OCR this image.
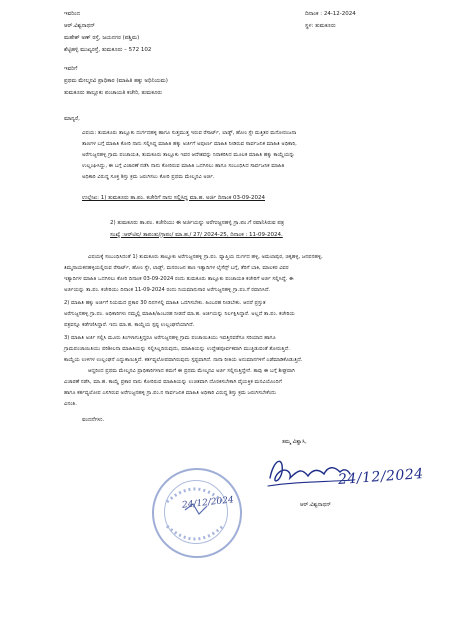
ಇವರಿಂದ
ಆರ್.ವಿಶ್ವನಾಥನ್
ಮಹೇಶ್ ಅಣ್ ರಸ್ತೆ, ಜಯನಗರ (ಪಶ್ಚಿಮ)
ಶೆಟ್ಟಿಹಳ್ಳಿ ಮುಖ್ಯರಸ್ತೆ, ತುಮಕೂರು – 572 102
ದಿನಾಂಕ : 24-12-2024
ಸ್ಥಳ: ತುಮಕೂರು
ಇವರಿಗೆ
ಪ್ರಥಮ ಮೇಲ್ಮನವಿ ಪ್ರಾಧಿಕಾರ (ಮಾಹಿತಿ ಹಕ್ಕು ಅಧಿನಿಯಮ)
ತುಮಕೂರು ತಾಲ್ಲೂಕು ಪಂಚಾಯತಿ ಕಚೇರಿ, ತುಮಕೂರು
ಮಾನ್ಯರೆ,

ವಿಷಯ: ತುಮಕೂರು ತಾಲ್ಲೂಕು ದುರ್ಗದಹಳ್ಳಿ ಹಾಗೂ ಸುತ್ತಮುತ್ತ ಇರುವ ರೆಸಾರ್ಟ್, ಲಾಡ್ಜ್, ಹೋಂ ಸ್ಟೇ ಮತ್ತಿತರ ಮನೋರಂಜನಾ

ತಾಣಗಳ ಬಗ್ಗೆ ಮಾಹಿತಿ ಕೋರಿ ನಾನು ಸಲ್ಲಿಸಿದ್ದ ಮಾಹಿತಿ ಹಕ್ಕು ಅರ್ಜಿಗೆ ಅಪೂರ್ಣ ಮಾಹಿತಿ ನೀಡಿರುವ ಸಾರ್ವಜನಿಕ ಮಾಹಿತಿ ಅಧಿಕಾರಿ,

ಅರೆಗುಜ್ಜನಹಳ್ಳಿ ಗ್ರಾಮ ಪಂಚಾಯತಿ, ತುಮಕೂರು ತಾಲ್ಲೂಕು ಇವರ ಆದೇಶವನ್ನು ನಿರಾಕರಿಸಿದ ಮೂಲಕ ಮಾಹಿತಿ ಹಕ್ಕು ಕಾಯ್ದೆಯನ್ನು

ಉಲ್ಲಂಘಿಸಿದ್ದು, ಈ ಬಗ್ಗೆ ವಿಚಾರಣೆ ನಡೆಸಿ ನಾನು ಕೋರಿರುವ ಮಾಹಿತಿ ಒದಗಿಸಲು ಹಾಗೂ ಸಂಬಂಧಿಸಿದ ಸಾರ್ವಜನಿಕ ಮಾಹಿತಿ

ಅಧಿಕಾರಿ ವಿರುದ್ಧ ಸೂಕ್ತ ಶಿಸ್ತು ಕ್ರಮ ಜರುಗಿಸಲು ಕೋರಿ ಪ್ರಥಮ ಮೇಲ್ಮನವಿ ಅರ್ಜಿ.

ಉಲ್ಲೇಖ: 1) ತುಮಕೂರು ತಾ.ಪಂ. ಕಚೇರಿಗೆ ನಾನು ಸಲ್ಲಿಸಿದ್ದ ಮಾ.ಹ. ಅರ್ಜಿ ದಿನಾಂಕ 03-09-2024
2) ತುಮಕೂರು ತಾ.ಪಂ. ಕಚೇರಿಯು ಈ ಅರ್ಜಿಯನ್ನು ಅರೆಗುಜ್ಜನಹಳ್ಳಿ ಗ್ರಾ.ಪಂ.ಗೆ ರವಾನಿಸಿರುವ ಪತ್ರ
ಸಂಖ್ಯೆ :ಆರ್‌ಟಿಐ/ ತಾಪಂತು/ಗ್ರಾಪಂ/ ಮಾ.ಹ./ 27/ 2024-25, ದಿನಾಂಕ : 11-09-2024.

ವಿಷಯಕ್ಕೆ ಸಂಬಂಧಿಸಿದಂತೆ 1) ತುಮಕೂರು ತಾಲ್ಲೂಕು ಅರೆಗುಜ್ಜನಹಳ್ಳಿ ಗ್ರಾ.ಪಂ. ವ್ಯಾಪ್ತಿಯ ದುರ್ಗದ ಹಳ್ಳಿ, ಅಮಲಾಪುರ, ಚಿಕ್ಕಹಳ್ಳಿ, ಜನಪನಹಳ್ಳಿ,

ತಿಮ್ಮನಾಯಕನಹಳ್ಳಿಯಲ್ಲಿರುವ ರೆಸಾರ್ಟ್, ಹೋಂ ಸ್ಟೇ, ಲಾಡ್ಜ್, ಮನರಂಜನ ತಾಣ ಇತ್ಯಾದಿಗಳ ಲೈಸೆನ್ಸ್ ಬಗ್ಗೆ, ತೆರಿಗೆ ಬಾಕಿ, ಮಾಲಕರ ವಿವರ

ಇತ್ಯಾದಿಗಳ ಮಾಹಿತಿ ಒದಗಿಸಲು ಕೋರಿ ದಿನಾಂಕ 03-09-2024 ರಂದು ತುಮಕೂರು ತಾಲ್ಲೂಕು ಪಂಚಾಯತಿ ಕಚೇರಿಗೆ ಅರ್ಜಿ ಸಲ್ಲಿಸಿದ್ದೆ. ಈ

ಅರ್ಜಿಯನ್ನು ತಾ.ಪಂ. ಕಚೇರಿಯು ದಿನಾಂಕ 11-09-2024 ರಂದು ನಿಯಮಾನುಸಾರ ಅರೆಗುಜ್ಜನಹಳ್ಳಿ ಗ್ರಾ.ಪಂ.ಗೆ ರವಾನಿಸಿದೆ.

2) ಮಾಹಿತಿ ಹಕ್ಕು ಅರ್ಜಿಗೆ ನಿಯಮದ ಪ್ರಕಾರ 30 ದಿನಗಳಲ್ಲಿ ಮಾಹಿತಿ ಒದಗಿಸಬೇಕು. ಹಿಂಬರಹ ನೀಡಬೇಕು. ಆದರೆ ಪ್ರಸ್ತುತ

ಅರೆಗುಜ್ಜನಹಳ್ಳಿ ಗ್ರಾ.ಪಂ. ಅಧಿಕಾರಿಗಳು ನಮ್ಮಲ್ಲಿ ಮಾಹಿತಿ/ಹಿಂಬರಹ ನೀಡದೆ ಮಾ.ಹ. ಅರ್ಜಿಯನ್ನು ನಿರ್ಲಕ್ಷಿಸಿದ್ದಾರೆ. ಅಲ್ಲದೆ ತಾ.ಪಂ. ಕಚೇರಿಯ

ಪತ್ರವನ್ನೂ ಕಡೆಗಣಿಸಿದ್ದಾರೆ. ಇದು ಮಾ.ಹ. ಕಾಯ್ದೆಯ ಸ್ಪಷ್ಟ ಉಲ್ಲಂಘನೆಯಾಗಿದೆ.

3) ಮಾಹಿತಿ ಅರ್ಜಿ ಸಲ್ಲಿಸಿ ಮೂರು ತಿಂಗಳಾಗುತ್ತಿದ್ದರೂ ಅರೆಗುಜ್ಜನಹಳ್ಳಿ ಗ್ರಾಮ ಪಂಚಾಯಿತಿಯು ಇವತ್ತಿನವರೆಗೂ ಸರಿಯಾದ ಹಾಗೂ

ಗ್ರಾಮಪಂಚಾಯಿತಿಯು ಪರಿಶೀಲನಾ ಮಾಹಿತಿಯನ್ನು ಸಲ್ಲಿಸಿಲ್ಲದಿರುವುದು, ಮಾಹಿತಿಯನ್ನು ಉದ್ದೇಶಪೂರ್ವಕವಾಗಿ ಮುಚ್ಚಿಡುವಂತೆ ತೋರುತ್ತಿದೆ.

ಕಾಯ್ದೆಯ ಉಳಿಗಳ ಉಲ್ಲಂಘನೆ ಎದ್ದುಕಾಣುತ್ತಿದೆ. ಕರ್ತವ್ಯಲೋಪವಾಗಿರುವುದು ಸ್ಪಷ್ಟವಾಗಿದೆ. ನಾನಾ ರೀತಿಯ ಅನುಮಾನಗಳಿಗೆ ಎಡೆಮಾಡಿಕೊಡುತ್ತಿದೆ.

ಆದ್ದರಿಂದ ಪ್ರಥಮ ಮೇಲ್ಮನವಿ ಪ್ರಾಧಿಕಾರಿಗಳಾದ ತಮಗೆ ಈ ಪ್ರಥಮ ಮೇಲ್ಮನವಿ ಅರ್ಜಿ ಸಲ್ಲಿಸುತ್ತಿದ್ದೇನೆ. ತಾವು ಈ ಬಗ್ಗೆ ಶೀಘ್ರವಾಗಿ

ವಿಚಾರಣೆ ನಡೆಸಿ, ಮಾ.ಹ. ಕಾಯ್ದೆ ಪ್ರಕಾರ ನಾನು ಕೋರಿರುವ ಮಾಹಿತಿಯನ್ನು ಉಚಿತವಾಗಿ ದೊರಕಿಸಬೇಕಾಗಿ ವೈಯಕ್ತಿಕ ಮನವಿಯೊಂದಿಗೆ

ಹಾಗೂ ಕರ್ತವ್ಯಲೋಪ ಎಸಗಿರುವ ಅರೆಗುಜ್ಜನಹಳ್ಳಿ ಗ್ರಾ.ಪಂ.ನ ಸಾರ್ವಜನಿಕ ಮಾಹಿತಿ ಅಧಿಕಾರಿ ವಿರುದ್ಧ ಶಿಸ್ತು ಕ್ರಮ ಜರುಗಿಸಬೇಕೆಂದು

ವಿನಂತಿ.

ವಂದನೆಗಳು.
ತಮ್ಮ ವಿಶ್ವಾಸಿ,
24/12/2024
ಆರ್.ವಿಶ್ವನಾಥನ್
24/12/2024
